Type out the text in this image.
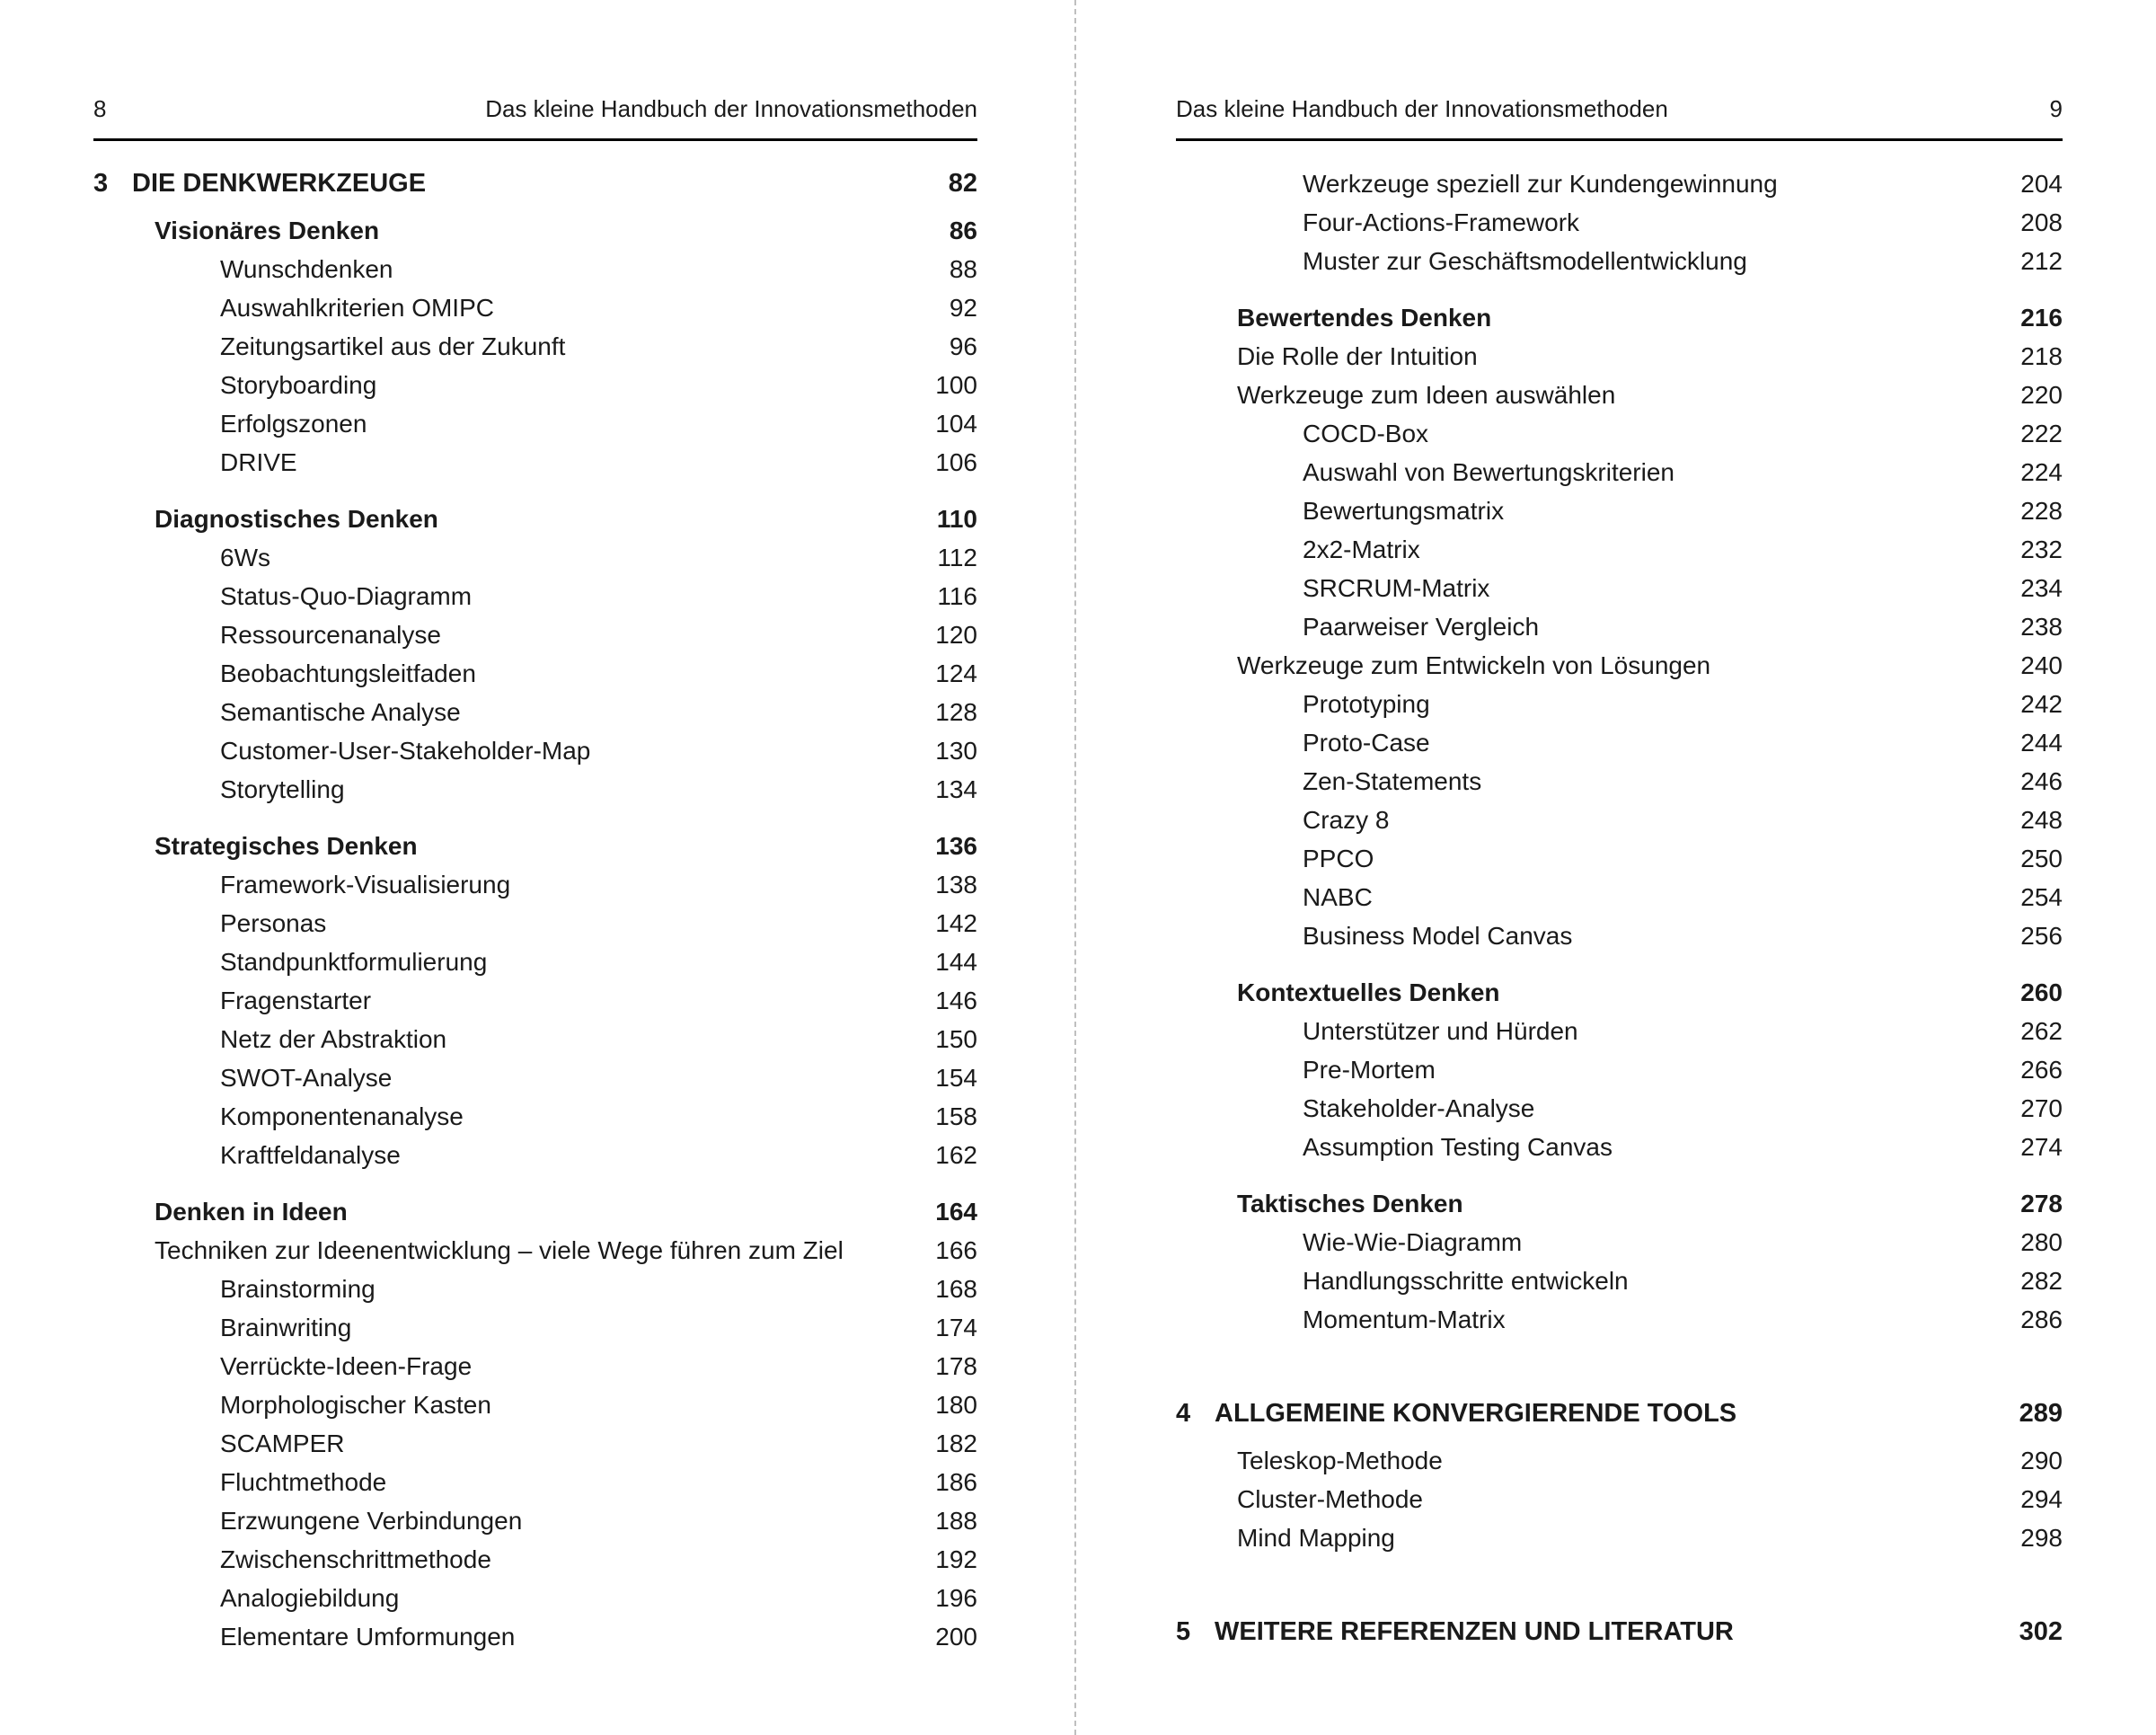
8	Das kleine Handbuch der Innovationsmethoden
3 DIE DENKWERKZEUGE	82
Visionäres Denken	86
Wunschdenken	88
Auswahlkriterien OMIPC	92
Zeitungsartikel aus der Zukunft	96
Storyboarding	100
Erfolgszonen	104
DRIVE	106
Diagnostisches Denken	110
6Ws	112
Status-Quo-Diagramm	116
Ressourcenanalyse	120
Beobachtungsleitfaden	124
Semantische Analyse	128
Customer-User-Stakeholder-Map	130
Storytelling	134
Strategisches Denken	136
Framework-Visualisierung	138
Personas	142
Standpunktformulierung	144
Fragenstarter	146
Netz der Abstraktion	150
SWOT-Analyse	154
Komponentenanalyse	158
Kraftfeldanalyse	162
Denken in Ideen	164
Techniken zur Ideenentwicklung – viele Wege führen zum Ziel	166
Brainstorming	168
Brainwriting	174
Verrückte-Ideen-Frage	178
Morphologischer Kasten	180
SCAMPER	182
Fluchtmethode	186
Erzwungene Verbindungen	188
Zwischenschrittmethode	192
Analogiebildung	196
Elementare Umformungen	200
Das kleine Handbuch der Innovationsmethoden	9
Werkzeuge speziell zur Kundengewinnung	204
Four-Actions-Framework	208
Muster zur Geschäftsmodellentwicklung	212
Bewertendes Denken	216
Die Rolle der Intuition	218
Werkzeuge zum Ideen auswählen	220
COCD-Box	222
Auswahl von Bewertungskriterien	224
Bewertungsmatrix	228
2x2-Matrix	232
SRCRUM-Matrix	234
Paarweiser Vergleich	238
Werkzeuge zum Entwickeln von Lösungen	240
Prototyping	242
Proto-Case	244
Zen-Statements	246
Crazy 8	248
PPCO	250
NABC	254
Business Model Canvas	256
Kontextuelles Denken	260
Unterstützer und Hürden	262
Pre-Mortem	266
Stakeholder-Analyse	270
Assumption Testing Canvas	274
Taktisches Denken	278
Wie-Wie-Diagramm	280
Handlungsschritte entwickeln	282
Momentum-Matrix	286
4 ALLGEMEINE KONVERGIERENDE TOOLS	289
Teleskop-Methode	290
Cluster-Methode	294
Mind Mapping	298
5 WEITERE REFERENZEN UND LITERATUR	302
